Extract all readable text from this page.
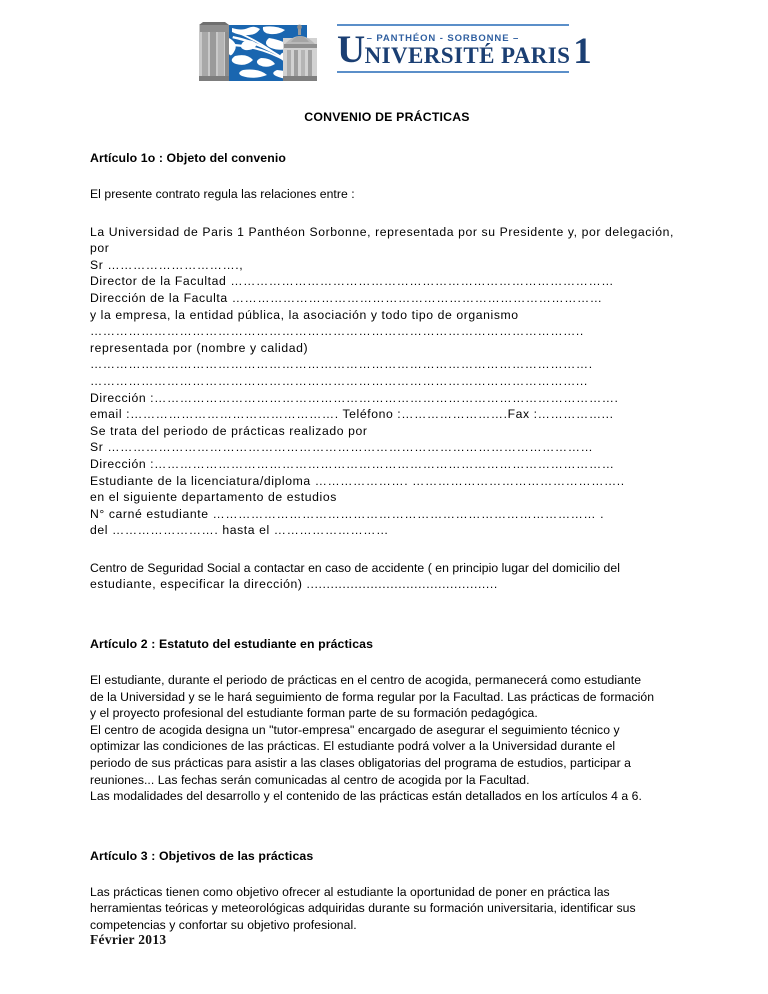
U – PANTHÉON - SORBONNE –
NIVERSITÉ PARIS 1
CONVENIO DE PRÁCTICAS
Artículo 1o : Objeto del convenio
El presente contrato regula las relaciones entre :
La Universidad de Paris 1 Panthéon Sorbonne, representada por su Presidente y, por delegación, por
Sr ………………………….,
Director de la Facultad ………………………………………………………………………………
Dirección de la Faculta ……………………………………………………………………………
y la empresa, la entidad pública, la asociación y todo tipo de organismo
……………………………………………………………………………………………………..
representada por (nombre y calidad)
……………………………………………………………………………………………………….
……………………………………………………………………………………………………...
Dirección :……………………………………………………………………………………………….
email :…………………………………………. Teléfono :…………………….Fax :……………...
Se trata del periodo de prácticas realizado por
Sr ……………………………………………………………………………………………………
Dirección :………………………………………………………………………………………………
Estudiante de la licenciatura/diploma …………………. …………………………………………..
en el siguiente departamento de estudios
N° carné estudiante ……………………………………………………………………………… .
del ……………………. hasta el ………………………
Centro de Seguridad Social a contactar en caso de accidente ( en principio lugar del domicilio del
estudiante, especificar la dirección) ................................................
Artículo 2 : Estatuto del estudiante en prácticas
El estudiante, durante el periodo de prácticas en el centro de acogida, permanecerá como estudiante
de la Universidad y se le hará seguimiento de forma regular por la Facultad. Las prácticas de formación
y el proyecto profesional del estudiante forman parte de su formación pedagógica.
El centro de acogida designa un "tutor-empresa" encargado de asegurar el seguimiento técnico y
optimizar las condiciones de las prácticas. El estudiante podrá volver a la Universidad durante el
periodo de sus prácticas para asistir a las clases obligatorias del programa de estudios, participar a
reuniones... Las fechas serán comunicadas al centro de acogida por la Facultad.
Las modalidades del desarrollo y el contenido de las prácticas están detallados en los artículos 4 a 6.
Artículo 3 : Objetivos de las prácticas
Las prácticas tienen como objetivo ofrecer al estudiante la oportunidad de poner en práctica las
herramientas teóricas y meteorológicas adquiridas durante su formación universitaria, identificar sus
competencias y confortar su objetivo profesional.
Février 2013
